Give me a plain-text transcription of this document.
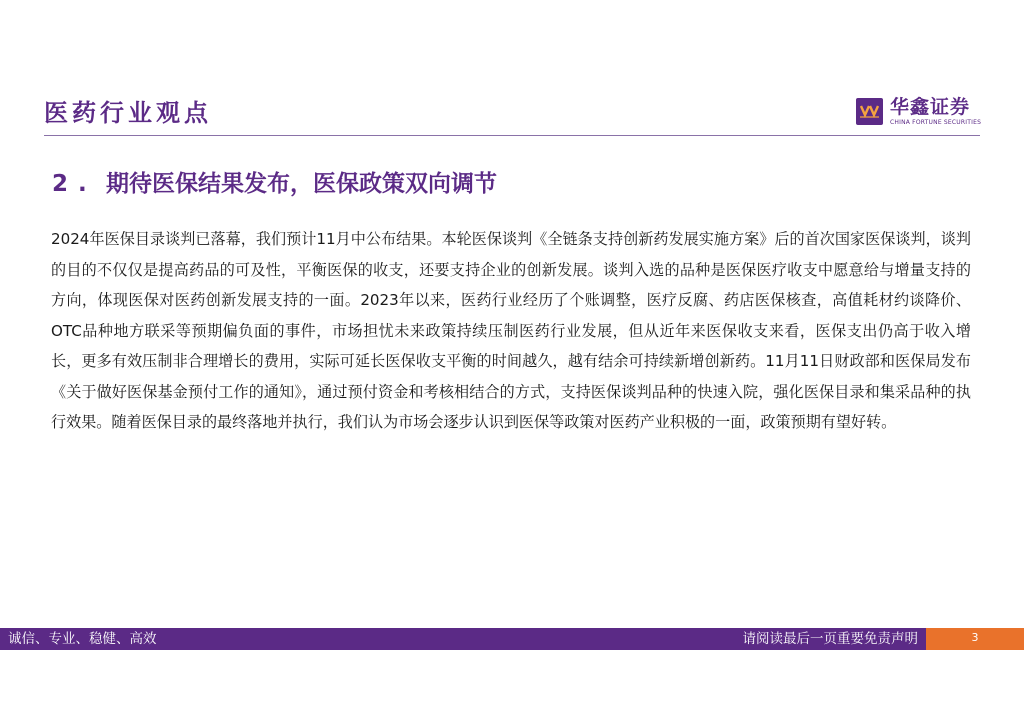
医药行业观点	华鑫证券
CHINA FORTUNE SECURITIES
2 . 期待医保结果发布，医保政策双向调节

2024年医保目录谈判已落幕，我们预计11月中公布结果。本轮医保谈判《全链条支持创新药发展实施方案》后的首次国家医保谈判，谈判的目的不仅仅是提高药品的可及性，平衡医保的收支，还要支持企业的创新发展。谈判入选的品种是医保医疗收支中愿意给与增量支持的方向，体现医保对医药创新发展支持的一面。2023年以来，医药行业经历了个账调整，医疗反腐、药店医保核查，高值耗材约谈降价、OTC品种地方联采等预期偏负面的事件，市场担忧未来政策持续压制医药行业发展，但从近年来医保收支来看，医保支出仍高于收入增长，更多有效压制非合理增长的费用，实际可延长医保收支平衡的时间越久，越有结余可持续新增创新药。11月11日财政部和医保局发布《关于做好医保基金预付工作的通知》，通过预付资金和考核相结合的方式，支持医保谈判品种的快速入院，强化医保目录和集采品种的执行效果。随着医保目录的最终落地并执行，我们认为市场会逐步认识到医保等政策对医药产业积极的一面，政策预期有望好转。

诚信、专业、稳健、高效	请阅读最后一页重要免责声明	3
